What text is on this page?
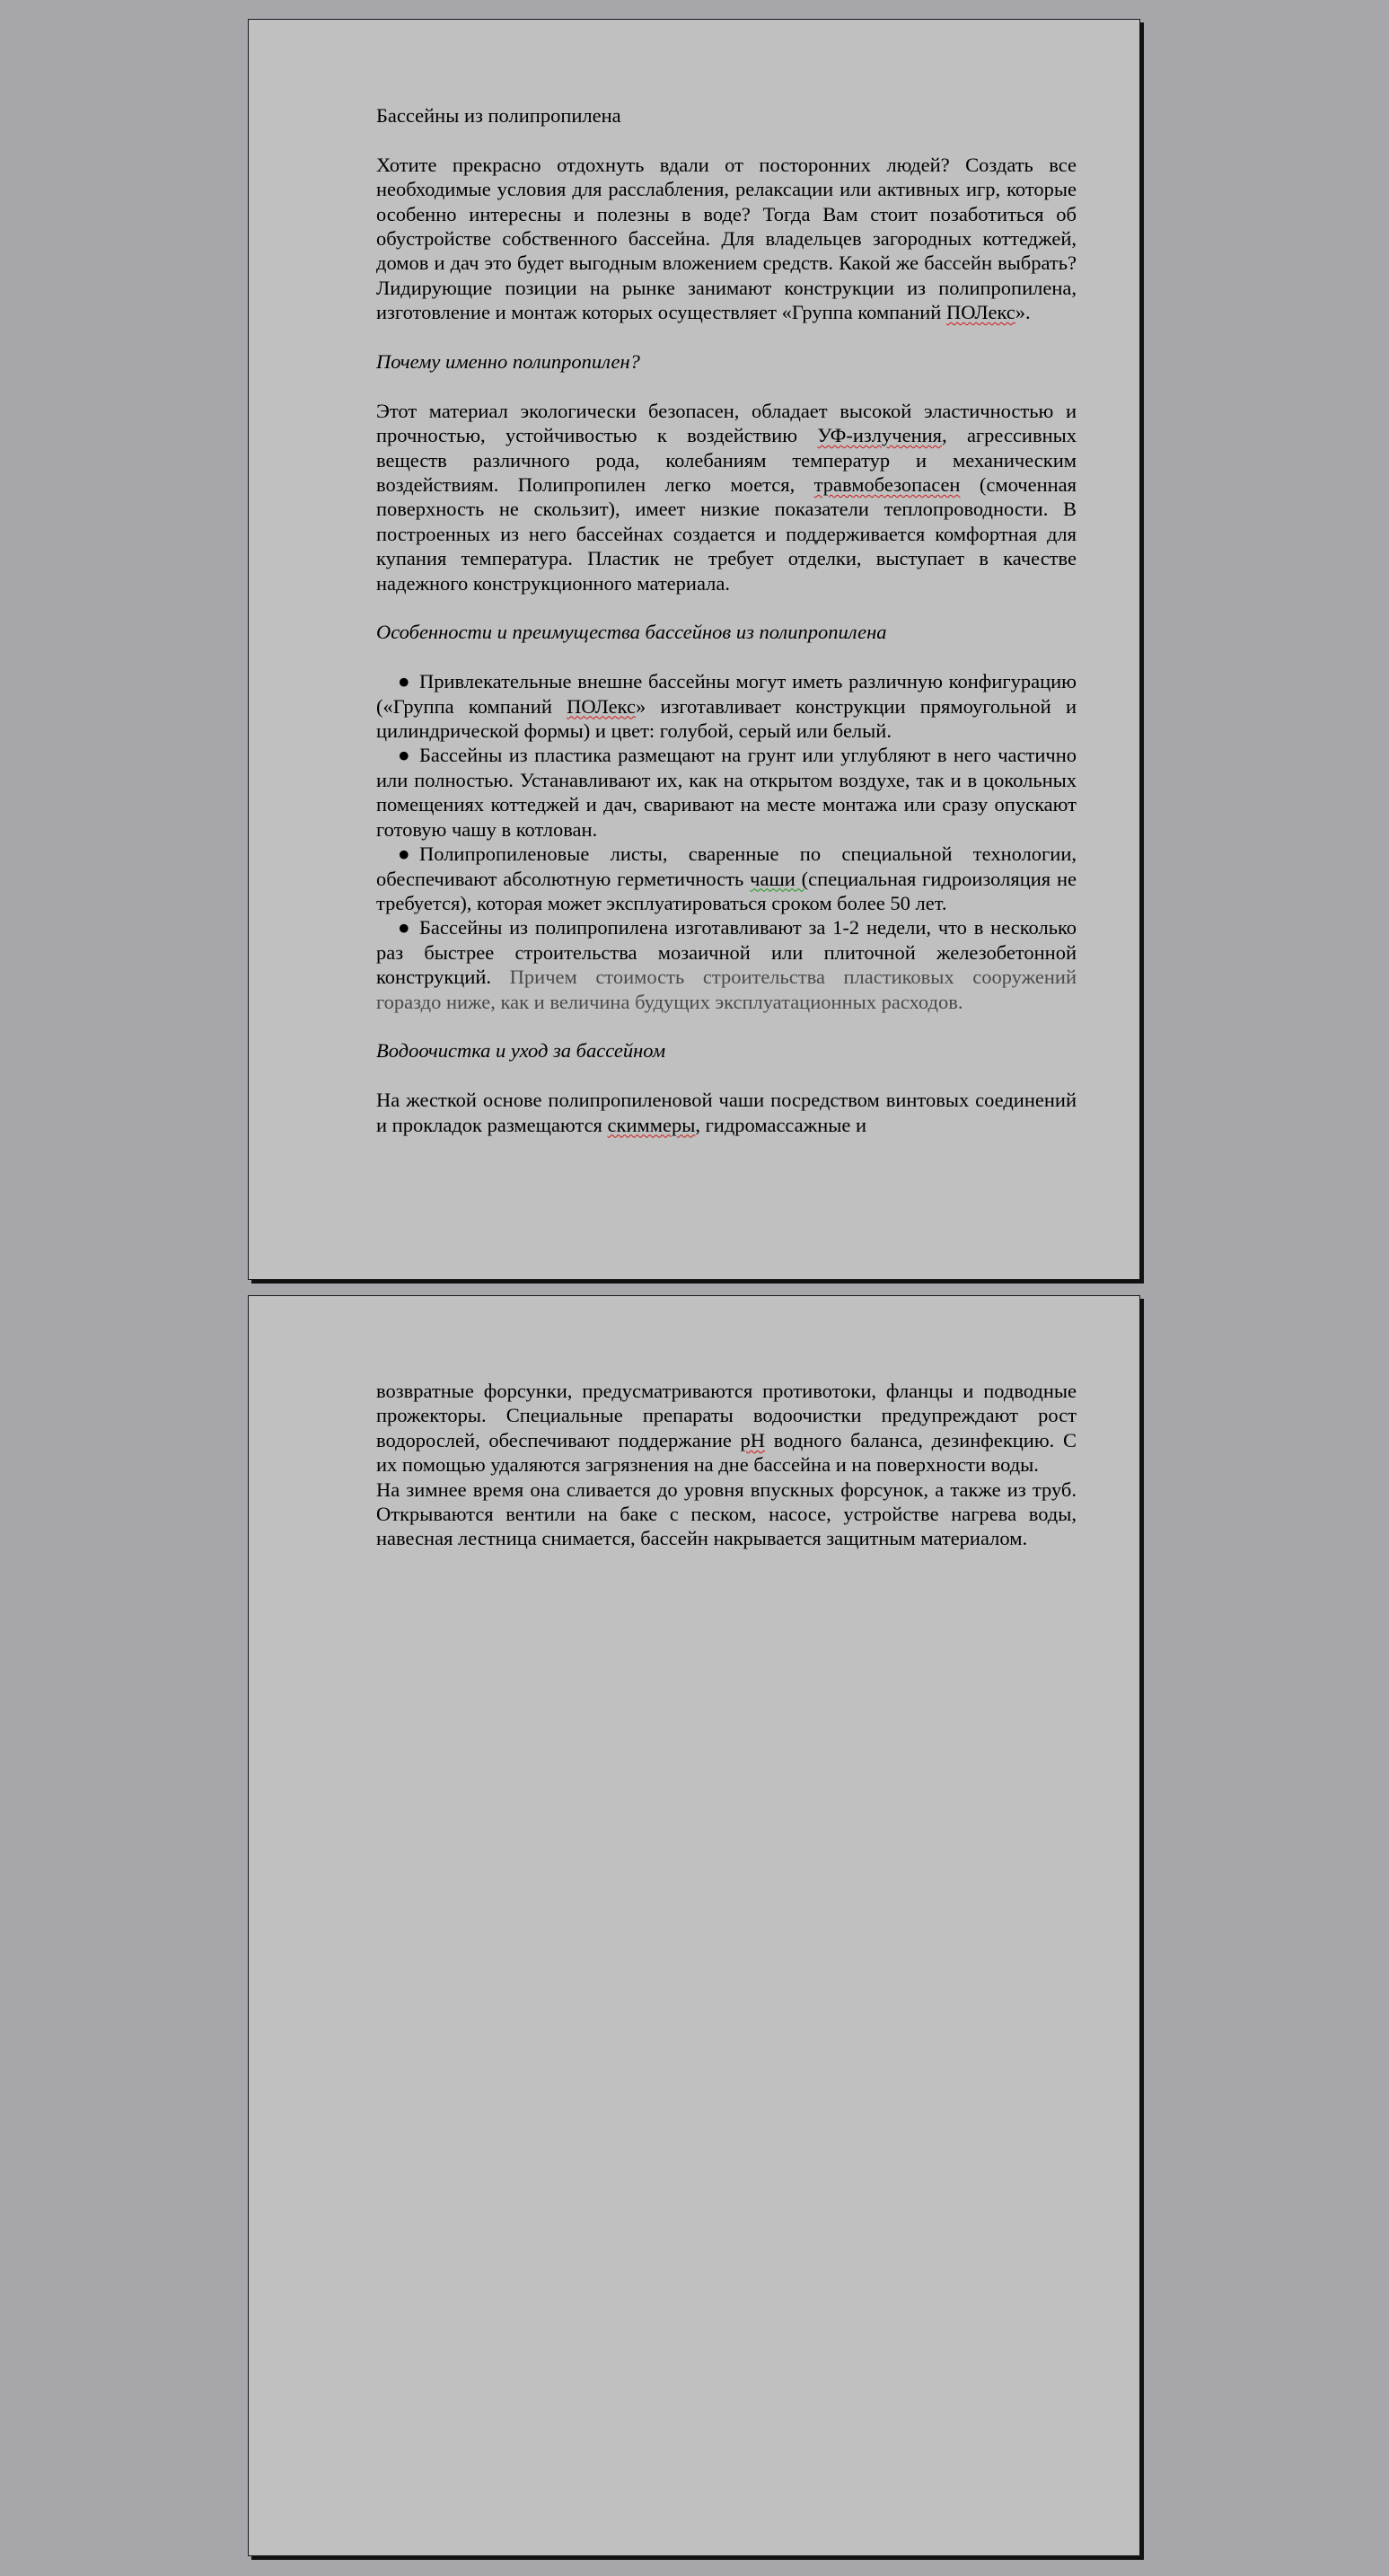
Бассейны из полипропилена

Хотите прекрасно отдохнуть вдали от посторонних людей? Создать все необходимые условия для расслабления, релаксации или активных игр, которые особенно интересны и полезны в воде? Тогда Вам стоит позаботиться об обустройстве собственного бассейна. Для владельцев загородных коттеджей, домов и дач это будет выгодным вложением средств. Какой же бассейн выбрать? Лидирующие позиции на рынке занимают конструкции из полипропилена, изготовление и монтаж которых осуществляет «Группа компаний ПОЛекс».

Почему именно полипропилен?

Этот материал экологически безопасен, обладает высокой эластичностью и прочностью, устойчивостью к воздействию УФ-излучения, агрессивных веществ различного рода, колебаниям температур и механическим воздействиям. Полипропилен легко моется, травмобезопасен (смоченная поверхность не скользит), имеет низкие показатели теплопроводности. В построенных из него бассейнах создается и поддерживается комфортная для купания температура. Пластик не требует отделки, выступает в качестве надежного конструкционного материала.

Особенности и преимущества бассейнов из полипропилена

● Привлекательные внешне бассейны могут иметь различную конфигурацию («Группа компаний ПОЛекс» изготавливает конструкции прямоугольной и цилиндрической формы) и цвет: голубой, серый или белый.
● Бассейны из пластика размещают на грунт или углубляют в него частично или полностью. Устанавливают их, как на открытом воздухе, так и в цокольных помещениях коттеджей и дач, сваривают на месте монтажа или сразу опускают готовую чашу в котлован.
● Полипропиленовые листы, сваренные по специальной технологии, обеспечивают абсолютную герметичность чаши (специальная гидроизоляция не требуется), которая может эксплуатироваться сроком более 50 лет.
● Бассейны из полипропилена изготавливают за 1-2 недели, что в несколько раз быстрее строительства мозаичной или плиточной железобетонной конструкций. Причем стоимость строительства пластиковых сооружений гораздо ниже, как и величина будущих эксплуатационных расходов.

Водоочистка и уход за бассейном

На жесткой основе полипропиленовой чаши посредством винтовых соединений и прокладок размещаются скиммеры, гидромассажные и

возвратные форсунки, предусматриваются противотоки, фланцы и подводные прожекторы. Специальные препараты водоочистки предупреждают рост водорослей, обеспечивают поддержание рН водного баланса, дезинфекцию. С их помощью удаляются загрязнения на дне бассейна и на поверхности воды.

На зимнее время она сливается до уровня впускных форсунок, а также из труб. Открываются вентили на баке с песком, насосе, устройстве нагрева воды, навесная лестница снимается, бассейн накрывается защитным материалом.
